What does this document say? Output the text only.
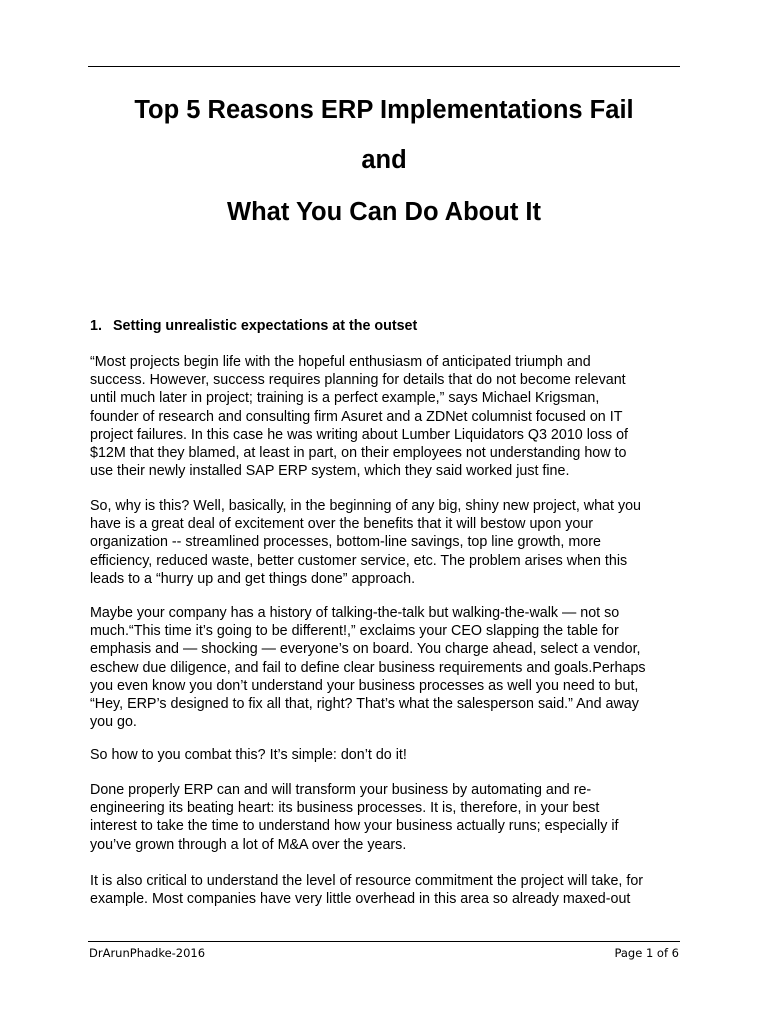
Top 5 Reasons ERP Implementations Fail
and
What You Can Do About It
1. Setting unrealistic expectations at the outset
“Most projects begin life with the hopeful enthusiasm of anticipated triumph and
success. However, success requires planning for details that do not become relevant
until much later in project; training is a perfect example,” says Michael Krigsman,
founder of research and consulting firm Asuret and a ZDNet columnist focused on IT
project failures. In this case he was writing about Lumber Liquidators Q3 2010 loss of
$12M that they blamed, at least in part, on their employees not understanding how to
use their newly installed SAP ERP system, which they said worked just fine.
So, why is this? Well, basically, in the beginning of any big, shiny new project, what you
have is a great deal of excitement over the benefits that it will bestow upon your
organization -- streamlined processes, bottom-line savings, top line growth, more
efficiency, reduced waste, better customer service, etc. The problem arises when this
leads to a “hurry up and get things done” approach.
Maybe your company has a history of talking-the-talk but walking-the-walk — not so
much.“This time it’s going to be different!,” exclaims your CEO slapping the table for
emphasis and — shocking — everyone’s on board. You charge ahead, select a vendor,
eschew due diligence, and fail to define clear business requirements and goals.Perhaps
you even know you don’t understand your business processes as well you need to but,
“Hey, ERP’s designed to fix all that, right? That’s what the salesperson said.” And away
you go.
So how to you combat this? It’s simple: don’t do it!
Done properly ERP can and will transform your business by automating and re-
engineering its beating heart: its business processes. It is, therefore, in your best
interest to take the time to understand how your business actually runs; especially if
you’ve grown through a lot of M&A over the years.
It is also critical to understand the level of resource commitment the project will take, for
example. Most companies have very little overhead in this area so already maxed-out
DrArunPhadke-2016	Page 1 of 6
